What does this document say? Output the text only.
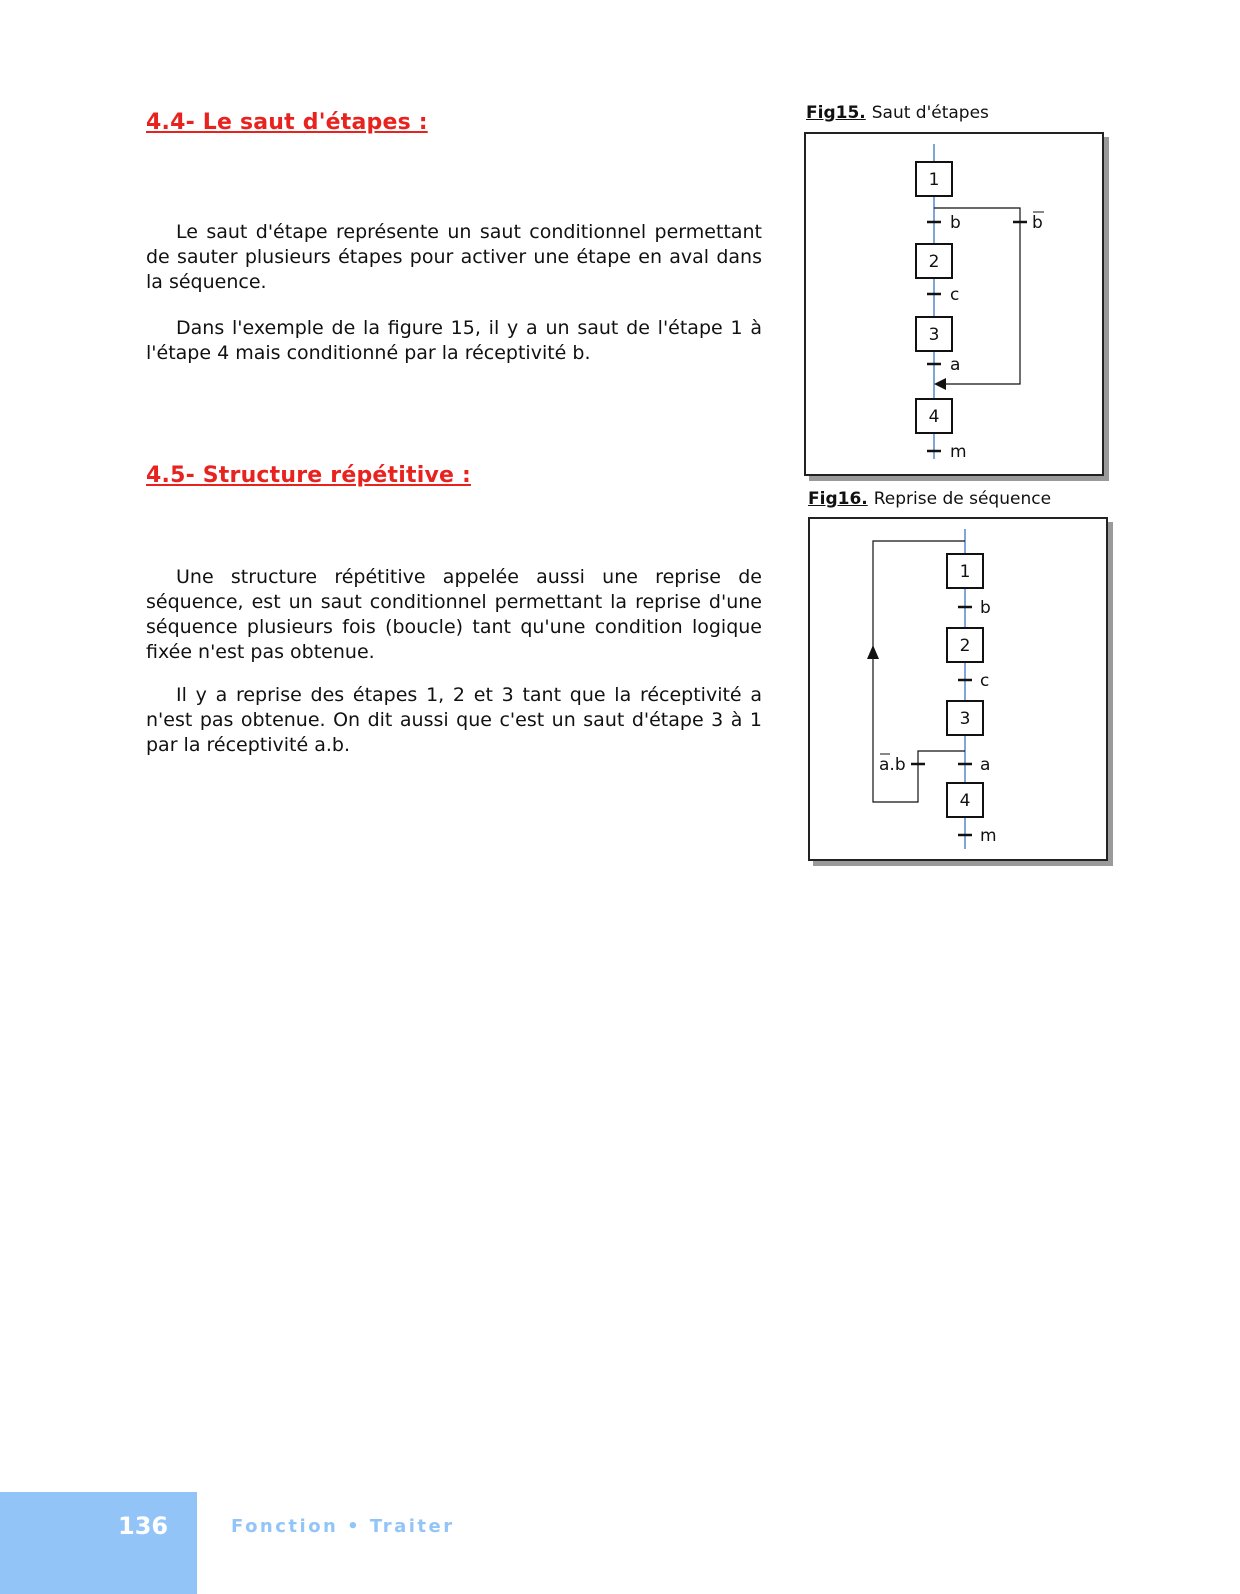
4.4- Le saut d'étapes :

Le saut d'étape représente un saut conditionnel permettant de sauter plusieurs étapes pour activer une étape en aval dans la séquence.

Dans l'exemple de la figure 15, il y a un saut de l'étape 1 à l'étape 4 mais conditionné par la réceptivité b.

4.5- Structure répétitive :

Une structure répétitive appelée aussi une reprise de séquence, est un saut conditionnel permettant la reprise d'une séquence plusieurs fois (boucle) tant qu'une condition logique fixée n'est pas obtenue.

Il y a reprise des étapes 1, 2 et 3 tant que la réceptivité a n'est pas obtenue. On dit aussi que c'est un saut d'étape 3 à 1 par la réceptivité a.b.

Fig15. Saut d'étapes
1
2
3
4
b
c
a
m
b
Fig16. Reprise de séquence
1
2
3
4
b
c
a
m
a.b
136	Fonction • Traiter
